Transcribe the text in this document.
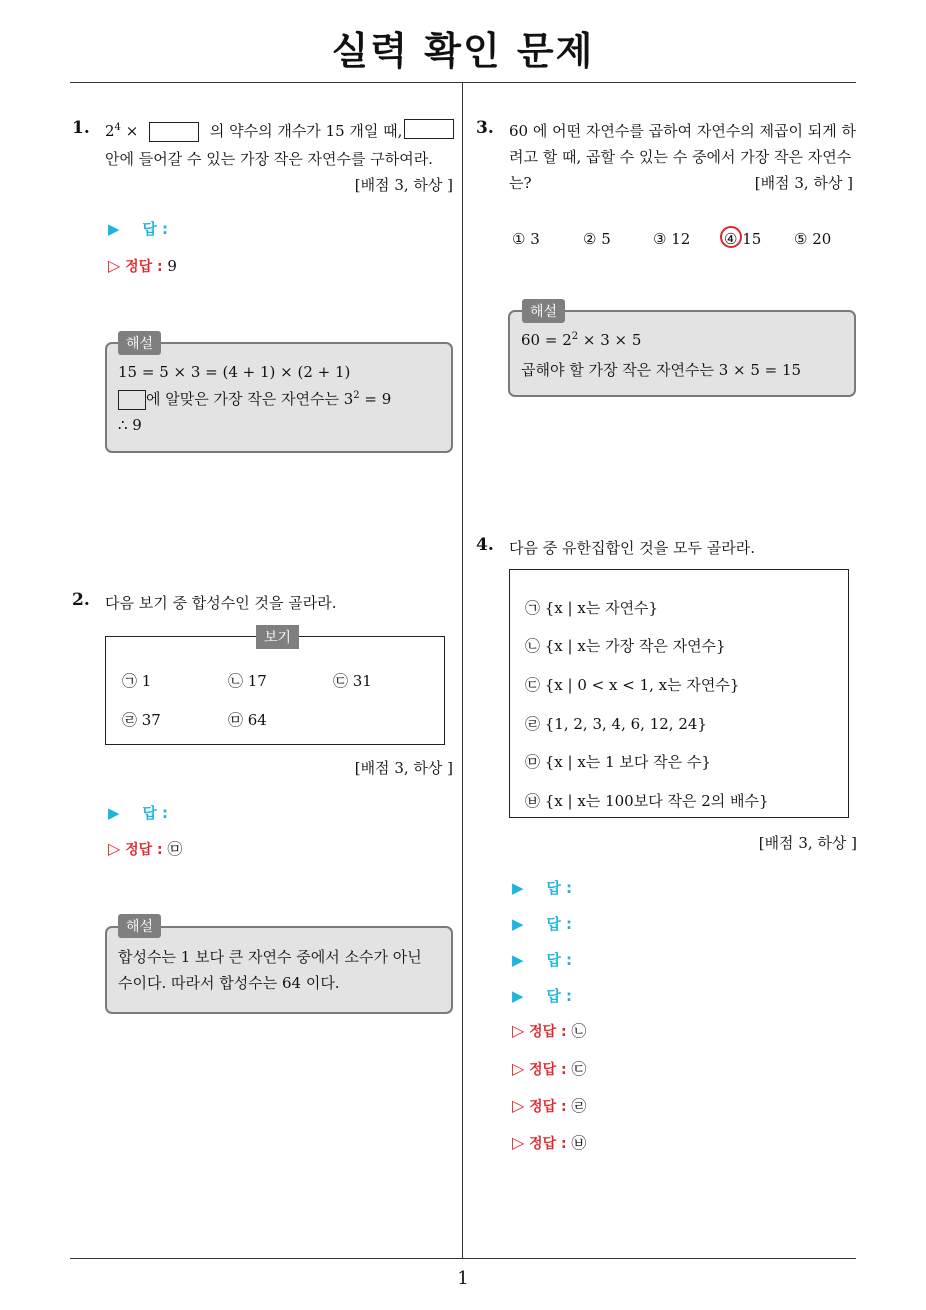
실력 확인 문제
1. $2^4$ ×	의 약수의 개수가 15 개일 때,
안에 들어갈 수 있는 가장 작은 자연수를 구하여라.
[배점 3, 하상 ]
▶ 답 :
▷ 정답 : 9
해설
15 = 5 × 3 = (4 + 1) × (2 + 1)
에 알맞은 가장 작은 자연수는 $3^2 = 9$
∴ 9
2. 다음 보기 중 합성수인 것을 골라라.
보기
㉠ 1	㉡ 17	㉢ 31
㉣ 37	㉤ 64
[배점 3, 하상 ]
▶ 답 :
▷ 정답 : ㉤
해설
합성수는 1 보다 큰 자연수 중에서 소수가 아닌
수이다. 따라서 합성수는 64 이다.
3. 60 에 어떤 자연수를 곱하여 자연수의 제곱이 되게 하
려고 할 때, 곱할 수 있는 수 중에서 가장 작은 자연수
는?	[배점 3, 하상 ]
① 3	② 5	③ 12 ④ 15 ⑤ 20
해설
$60 = 2^2 \times 3 \times 5$
곱해야 할 가장 작은 자연수는 3 × 5 = 15
4. 다음 중 유한집합인 것을 모두 골라라.
㉠ {x | x는 자연수}
㉡ {x | x는 가장 작은 자연수}
㉢ {x | 0 < x < 1, x는 자연수}
㉣ {1, 2, 3, 4, 6, 12, 24}
㉤ {x | x는 1 보다 작은 수}
㉥ {x | x는 100보다 작은 2의 배수}
[배점 3, 하상 ]
▶ 답 :
▶ 답 :
▶ 답 :
▶ 답 :
▷ 정답 : ㉡
▷ 정답 : ㉢
▷ 정답 : ㉣
▷ 정답 : ㉥
1
